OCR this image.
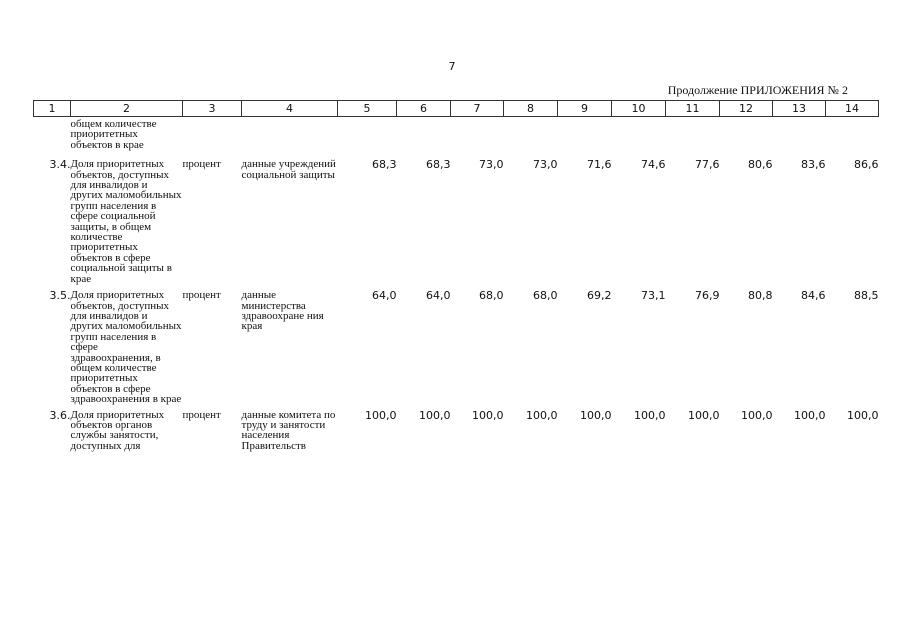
7
Продолжение ПРИЛОЖЕНИЯ № 2
1	2	3	4	5	6	7	8	9	10	11	12	13	14
	общем количестве приоритетных объектов в крае												
3.4.	Доля приоритетных объектов, доступных для инвалидов и других маломобильных групп населения в сфере социальной защиты, в общем количестве приоритетных объектов в сфере социальной защиты в крае	процент	данные учреждений социальной защиты	68,3	68,3	73,0	73,0	71,6	74,6	77,6	80,6	83,6	86,6
3.5.	Доля приоритетных объектов, доступных для инвалидов и других маломобильных групп населения в сфере здравоохранения, в общем количестве приоритетных объектов в сфере здравоохранения в крае	процент	данные министерства здравоохране ния края	64,0	64,0	68,0	68,0	69,2	73,1	76,9	80,8	84,6	88,5
3.6.	Доля приоритетных объектов органов службы занятости, доступных для	процент	данные комитета по труду и занятости населения Правительств	100,0	100,0	100,0	100,0	100,0	100,0	100,0	100,0	100,0	100,0
